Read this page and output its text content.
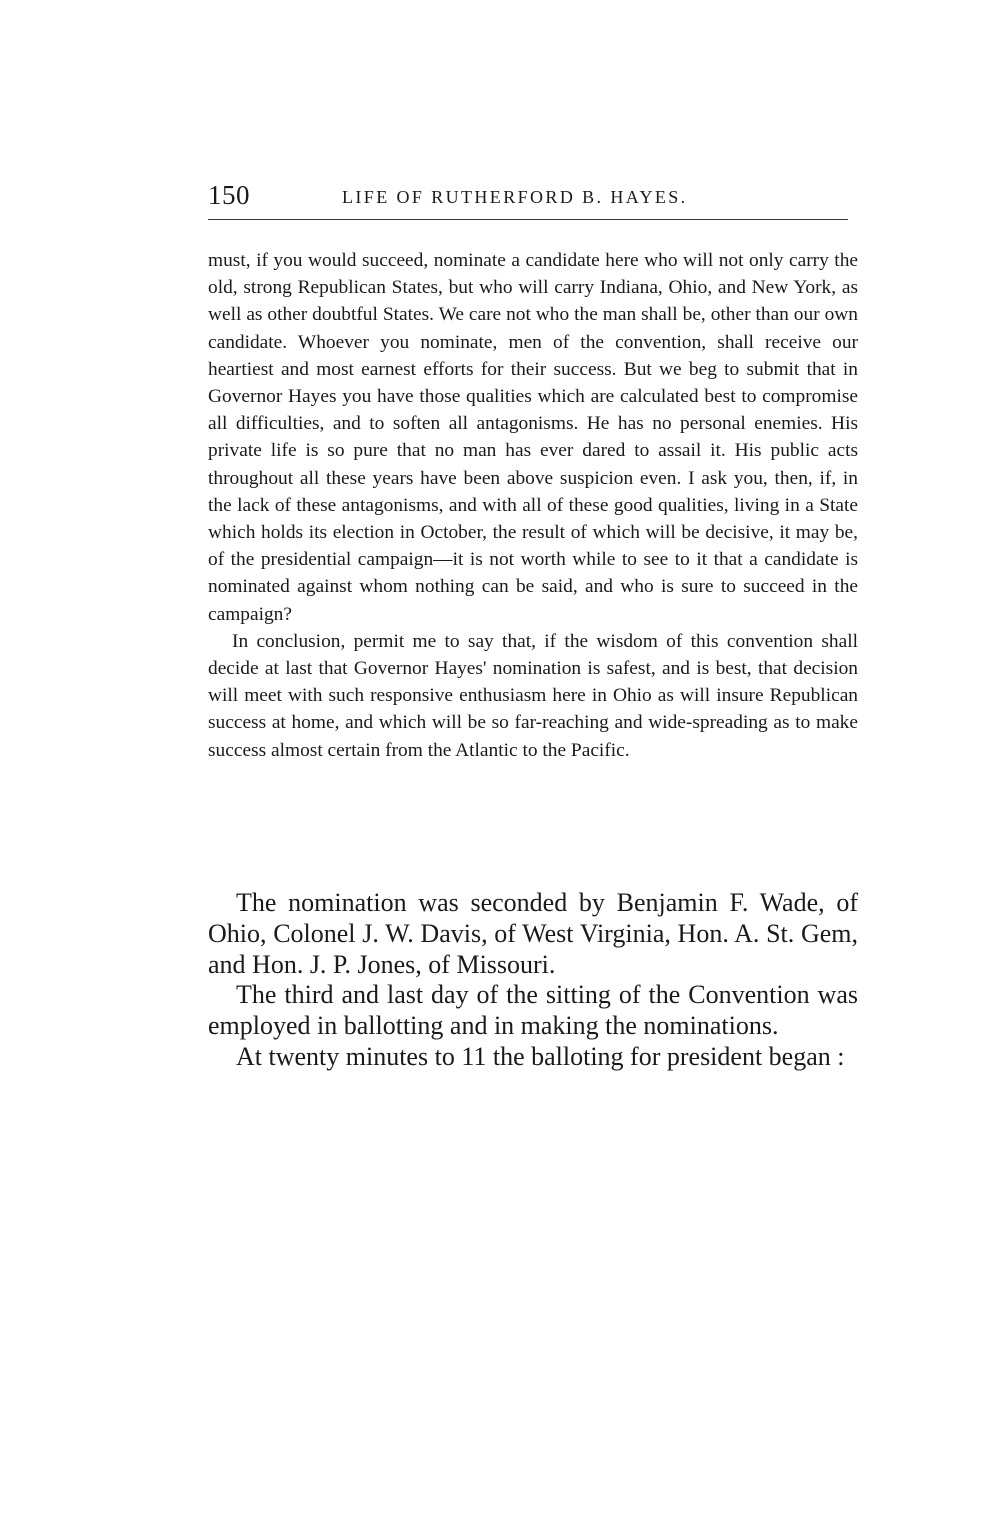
150	LIFE OF RUTHERFORD B. HAYES.

must, if you would succeed, nominate a candidate here who will not only carry the old, strong Republican States, but who will carry Indiana, Ohio, and New York, as well as other doubtful States. We care not who the man shall be, other than our own candidate. Whoever you nominate, men of the convention, shall receive our heartiest and most earnest efforts for their success. But we beg to submit that in Governor Hayes you have those qualities which are calculated best to compromise all difficulties, and to soften all antagonisms. He has no personal enemies. His private life is so pure that no man has ever dared to assail it. His public acts throughout all these years have been above suspicion even. I ask you, then, if, in the lack of these antagonisms, and with all of these good qualities, living in a State which holds its election in October, the result of which will be decisive, it may be, of the presidential campaign—it is not worth while to see to it that a candidate is nominated against whom nothing can be said, and who is sure to succeed in the campaign?

In conclusion, permit me to say that, if the wisdom of this convention shall decide at last that Governor Hayes' nomination is safest, and is best, that decision will meet with such responsive enthusiasm here in Ohio as will insure Republican success at home, and which will be so far-reaching and wide-spreading as to make success almost certain from the Atlantic to the Pacific.

The nomination was seconded by Benjamin F. Wade, of Ohio, Colonel J. W. Davis, of West Virginia, Hon. A. St. Gem, and Hon. J. P. Jones, of Missouri.

The third and last day of the sitting of the Convention was employed in ballotting and in making the nominations.

At twenty minutes to 11 the balloting for president began :
